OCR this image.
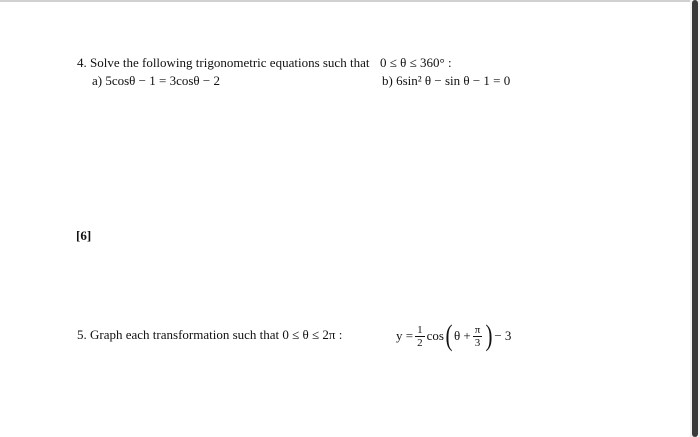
4. Solve the following trigonometric equations such that 0 ≤ θ ≤ 360° :
a) 5cosθ − 1 = 3cosθ − 2	b) 6sin² θ − sin θ − 1 = 0
[6]
5. Graph each transformation such that 0 ≤ θ ≤ 2π :	$y = \frac{1}{2}$ cos ( $\theta + \frac{\pi}{3}$ ) − 3
